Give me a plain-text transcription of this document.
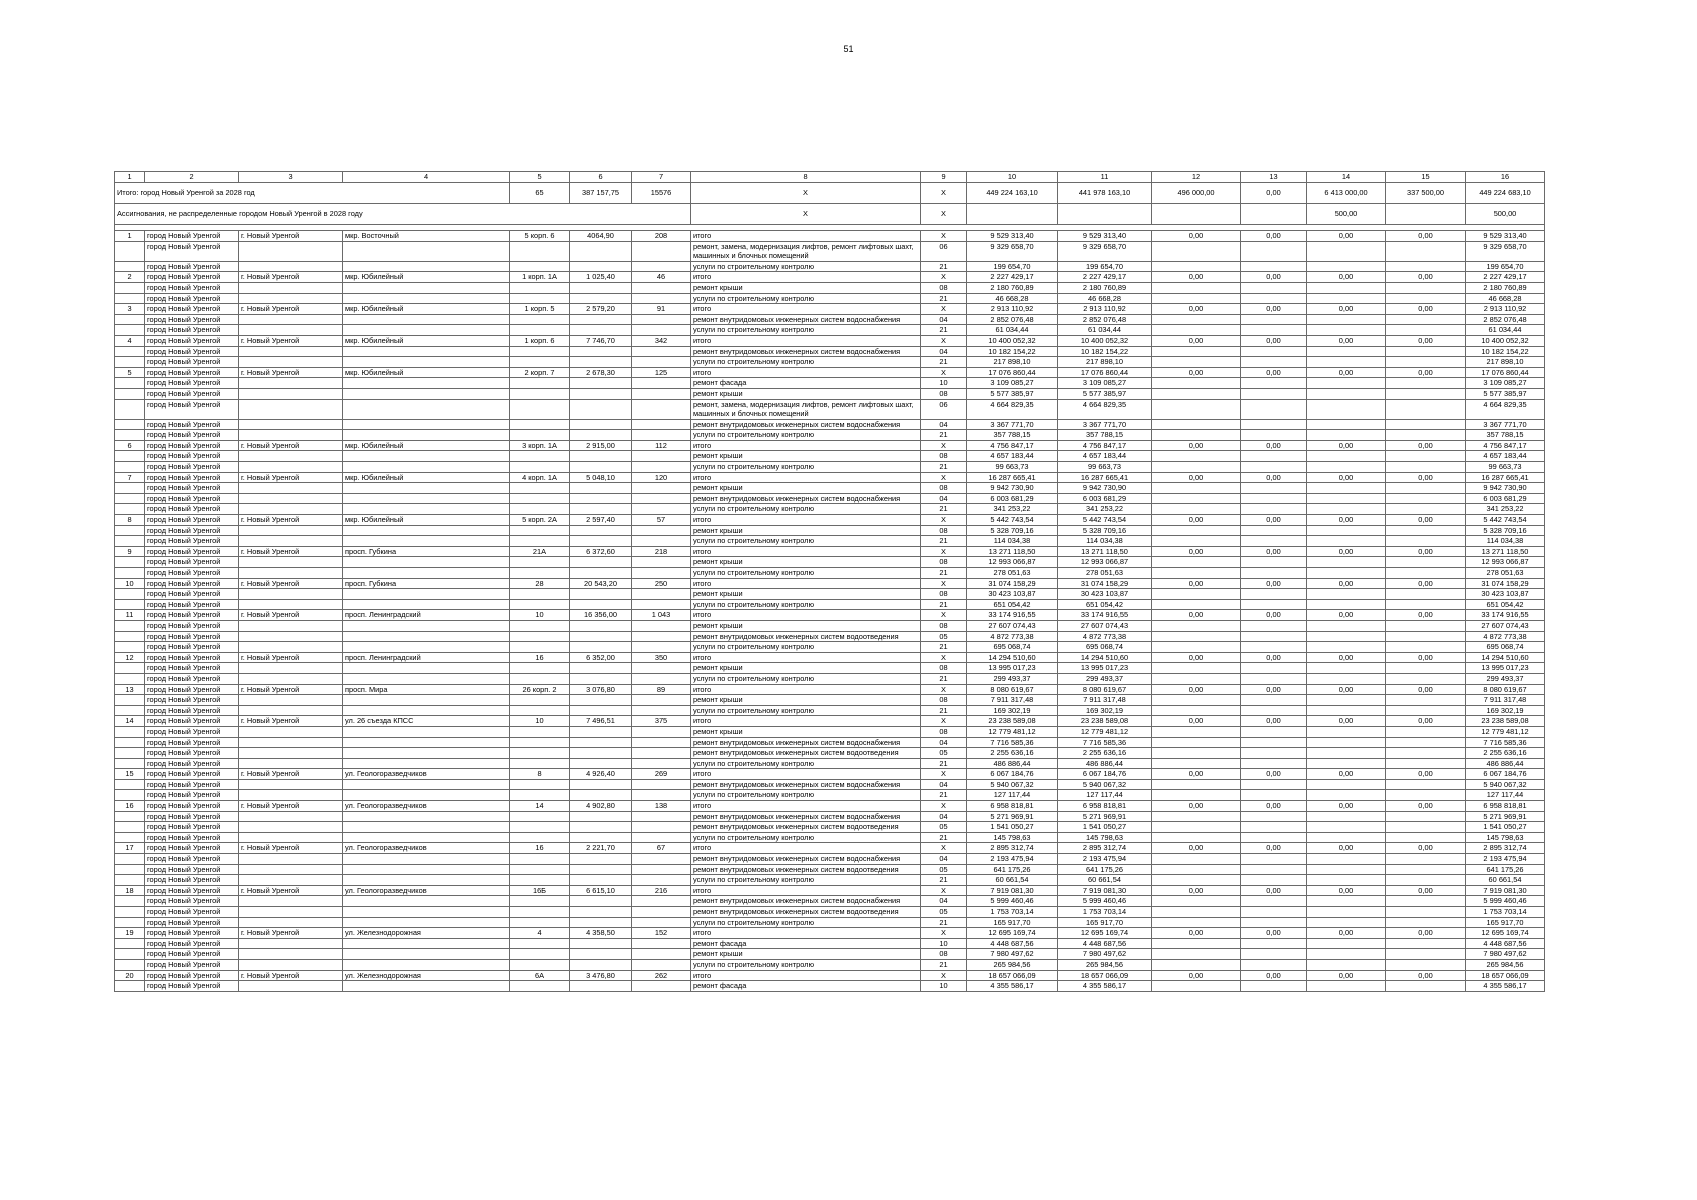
51
1	2	3	4	5	6	7	8	9	10	11	12	13	14	15	16
Итого: город Новый Уренгой за 2028 год				65	387 157,75	15576	X	X	449 224 163,10	441 978 163,10	496 000,00	0,00	6 413 000,00	337 500,00	449 224 683,10
Ассигнования, не распределенные городом Новый Уренгой в 2028 году							X	X					500,00		500,00

1	город Новый Уренгой	г. Новый Уренгой	мкр. Восточный	5 корп. 6	4064,90	208	итого	X	9 529 313,40	9 529 313,40	0,00	0,00	0,00	0,00	9 529 313,40
	город Новый Уренгой						ремонт, замена, модернизация лифтов, ремонт лифтовых шахт, машинных и блочных помещений	06	9 329 658,70	9 329 658,70					9 329 658,70
	город Новый Уренгой						услуги по строительному контролю	21	199 654,70	199 654,70					199 654,70
2	город Новый Уренгой	г. Новый Уренгой	мкр. Юбилейный	1 корп. 1А	1 025,40	46	итого	X	2 227 429,17	2 227 429,17	0,00	0,00	0,00	0,00	2 227 429,17
	город Новый Уренгой						ремонт крыши	08	2 180 760,89	2 180 760,89					2 180 760,89
	город Новый Уренгой						услуги по строительному контролю	21	46 668,28	46 668,28					46 668,28
3	город Новый Уренгой	г. Новый Уренгой	мкр. Юбилейный	1 корп. 5	2 579,20	91	итого	X	2 913 110,92	2 913 110,92	0,00	0,00	0,00	0,00	2 913 110,92
	город Новый Уренгой						ремонт внутридомовых инженерных систем водоснабжения	04	2 852 076,48	2 852 076,48					2 852 076,48
	город Новый Уренгой						услуги по строительному контролю	21	61 034,44	61 034,44					61 034,44
4	город Новый Уренгой	г. Новый Уренгой	мкр. Юбилейный	1 корп. 6	7 746,70	342	итого	X	10 400 052,32	10 400 052,32	0,00	0,00	0,00	0,00	10 400 052,32
	город Новый Уренгой						ремонт внутридомовых инженерных систем водоснабжения	04	10 182 154,22	10 182 154,22					10 182 154,22
	город Новый Уренгой						услуги по строительному контролю	21	217 898,10	217 898,10					217 898,10
5	город Новый Уренгой	г. Новый Уренгой	мкр. Юбилейный	2 корп. 7	2 678,30	125	итого	X	17 076 860,44	17 076 860,44	0,00	0,00	0,00	0,00	17 076 860,44
	город Новый Уренгой						ремонт фасада	10	3 109 085,27	3 109 085,27					3 109 085,27
	город Новый Уренгой						ремонт крыши	08	5 577 385,97	5 577 385,97					5 577 385,97
	город Новый Уренгой						ремонт, замена, модернизация лифтов, ремонт лифтовых шахт, машинных и блочных помещений	06	4 664 829,35	4 664 829,35					4 664 829,35
	город Новый Уренгой						ремонт внутридомовых инженерных систем водоснабжения	04	3 367 771,70	3 367 771,70					3 367 771,70
	город Новый Уренгой						услуги по строительному контролю	21	357 788,15	357 788,15					357 788,15
6	город Новый Уренгой	г. Новый Уренгой	мкр. Юбилейный	3 корп. 1А	2 915,00	112	итого	X	4 756 847,17	4 756 847,17	0,00	0,00	0,00	0,00	4 756 847,17
	город Новый Уренгой						ремонт крыши	08	4 657 183,44	4 657 183,44					4 657 183,44
	город Новый Уренгой						услуги по строительному контролю	21	99 663,73	99 663,73					99 663,73
7	город Новый Уренгой	г. Новый Уренгой	мкр. Юбилейный	4 корп. 1А	5 048,10	120	итого	X	16 287 665,41	16 287 665,41	0,00	0,00	0,00	0,00	16 287 665,41
	город Новый Уренгой						ремонт крыши	08	9 942 730,90	9 942 730,90					9 942 730,90
	город Новый Уренгой						ремонт внутридомовых инженерных систем водоснабжения	04	6 003 681,29	6 003 681,29					6 003 681,29
	город Новый Уренгой						услуги по строительному контролю	21	341 253,22	341 253,22					341 253,22
8	город Новый Уренгой	г. Новый Уренгой	мкр. Юбилейный	5 корп. 2А	2 597,40	57	итого	X	5 442 743,54	5 442 743,54	0,00	0,00	0,00	0,00	5 442 743,54
	город Новый Уренгой						ремонт крыши	08	5 328 709,16	5 328 709,16					5 328 709,16
	город Новый Уренгой						услуги по строительному контролю	21	114 034,38	114 034,38					114 034,38
9	город Новый Уренгой	г. Новый Уренгой	просп. Губкина	21А	6 372,60	218	итого	X	13 271 118,50	13 271 118,50	0,00	0,00	0,00	0,00	13 271 118,50
	город Новый Уренгой						ремонт крыши	08	12 993 066,87	12 993 066,87					12 993 066,87
	город Новый Уренгой						услуги по строительному контролю	21	278 051,63	278 051,63					278 051,63
10	город Новый Уренгой	г. Новый Уренгой	просп. Губкина	28	20 543,20	250	итого	X	31 074 158,29	31 074 158,29	0,00	0,00	0,00	0,00	31 074 158,29
	город Новый Уренгой						ремонт крыши	08	30 423 103,87	30 423 103,87					30 423 103,87
	город Новый Уренгой						услуги по строительному контролю	21	651 054,42	651 054,42					651 054,42
11	город Новый Уренгой	г. Новый Уренгой	просп. Ленинградский	10	16 356,00	1 043	итого	X	33 174 916,55	33 174 916,55	0,00	0,00	0,00	0,00	33 174 916,55
	город Новый Уренгой						ремонт крыши	08	27 607 074,43	27 607 074,43					27 607 074,43
	город Новый Уренгой						ремонт внутридомовых инженерных систем водоотведения	05	4 872 773,38	4 872 773,38					4 872 773,38
	город Новый Уренгой						услуги по строительному контролю	21	695 068,74	695 068,74					695 068,74
12	город Новый Уренгой	г. Новый Уренгой	просп. Ленинградский	16	6 352,00	350	итого	X	14 294 510,60	14 294 510,60	0,00	0,00	0,00	0,00	14 294 510,60
	город Новый Уренгой						ремонт крыши	08	13 995 017,23	13 995 017,23					13 995 017,23
	город Новый Уренгой						услуги по строительному контролю	21	299 493,37	299 493,37					299 493,37
13	город Новый Уренгой	г. Новый Уренгой	просп. Мира	26 корп. 2	3 076,80	89	итого	X	8 080 619,67	8 080 619,67	0,00	0,00	0,00	0,00	8 080 619,67
	город Новый Уренгой						ремонт крыши	08	7 911 317,48	7 911 317,48					7 911 317,48
	город Новый Уренгой						услуги по строительному контролю	21	169 302,19	169 302,19					169 302,19
14	город Новый Уренгой	г. Новый Уренгой	ул. 26 съезда КПСС	10	7 496,51	375	итого	X	23 238 589,08	23 238 589,08	0,00	0,00	0,00	0,00	23 238 589,08
	город Новый Уренгой						ремонт крыши	08	12 779 481,12	12 779 481,12					12 779 481,12
	город Новый Уренгой						ремонт внутридомовых инженерных систем водоснабжения	04	7 716 585,36	7 716 585,36					7 716 585,36
	город Новый Уренгой						ремонт внутридомовых инженерных систем водоотведения	05	2 255 636,16	2 255 636,16					2 255 636,16
	город Новый Уренгой						услуги по строительному контролю	21	486 886,44	486 886,44					486 886,44
15	город Новый Уренгой	г. Новый Уренгой	ул. Геологоразведчиков	8	4 926,40	269	итого	X	6 067 184,76	6 067 184,76	0,00	0,00	0,00	0,00	6 067 184,76
	город Новый Уренгой						ремонт внутридомовых инженерных систем водоснабжения	04	5 940 067,32	5 940 067,32					5 940 067,32
	город Новый Уренгой						услуги по строительному контролю	21	127 117,44	127 117,44					127 117,44
16	город Новый Уренгой	г. Новый Уренгой	ул. Геологоразведчиков	14	4 902,80	138	итого	X	6 958 818,81	6 958 818,81	0,00	0,00	0,00	0,00	6 958 818,81
	город Новый Уренгой						ремонт внутридомовых инженерных систем водоснабжения	04	5 271 969,91	5 271 969,91					5 271 969,91
	город Новый Уренгой						ремонт внутридомовых инженерных систем водоотведения	05	1 541 050,27	1 541 050,27					1 541 050,27
	город Новый Уренгой						услуги по строительному контролю	21	145 798,63	145 798,63					145 798,63
17	город Новый Уренгой	г. Новый Уренгой	ул. Геологоразведчиков	16	2 221,70	67	итого	X	2 895 312,74	2 895 312,74	0,00	0,00	0,00	0,00	2 895 312,74
	город Новый Уренгой						ремонт внутридомовых инженерных систем водоснабжения	04	2 193 475,94	2 193 475,94					2 193 475,94
	город Новый Уренгой						ремонт внутридомовых инженерных систем водоотведения	05	641 175,26	641 175,26					641 175,26
	город Новый Уренгой						услуги по строительному контролю	21	60 661,54	60 661,54					60 661,54
18	город Новый Уренгой	г. Новый Уренгой	ул. Геологоразведчиков	16Б	6 615,10	216	итого	X	7 919 081,30	7 919 081,30	0,00	0,00	0,00	0,00	7 919 081,30
	город Новый Уренгой						ремонт внутридомовых инженерных систем водоснабжения	04	5 999 460,46	5 999 460,46					5 999 460,46
	город Новый Уренгой						ремонт внутридомовых инженерных систем водоотведения	05	1 753 703,14	1 753 703,14					1 753 703,14
	город Новый Уренгой						услуги по строительному контролю	21	165 917,70	165 917,70					165 917,70
19	город Новый Уренгой	г. Новый Уренгой	ул. Железнодорожная	4	4 358,50	152	итого	X	12 695 169,74	12 695 169,74	0,00	0,00	0,00	0,00	12 695 169,74
	город Новый Уренгой						ремонт фасада	10	4 448 687,56	4 448 687,56					4 448 687,56
	город Новый Уренгой						ремонт крыши	08	7 980 497,62	7 980 497,62					7 980 497,62
	город Новый Уренгой						услуги по строительному контролю	21	265 984,56	265 984,56					265 984,56
20	город Новый Уренгой	г. Новый Уренгой	ул. Железнодорожная	6А	3 476,80	262	итого	X	18 657 066,09	18 657 066,09	0,00	0,00	0,00	0,00	18 657 066,09
	город Новый Уренгой						ремонт фасада	10	4 355 586,17	4 355 586,17					4 355 586,17
